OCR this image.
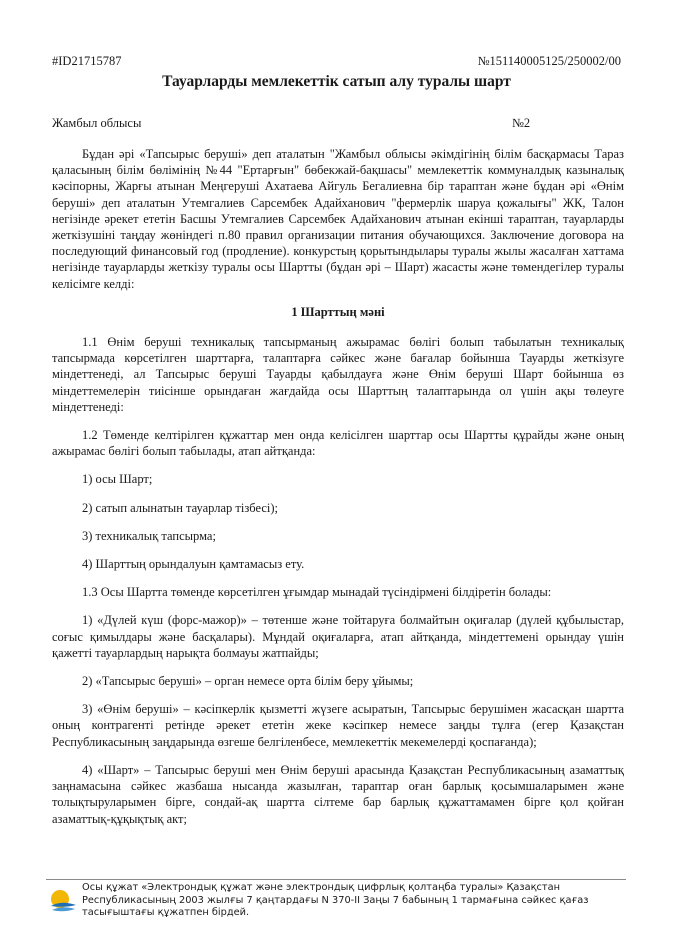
#ID21715787	№151140005125/250002/00
Тауарларды мемлекеттік сатып алу туралы шарт
Жамбыл облысы	№2

Бұдан әрі «Тапсырыс беруші» деп аталатын "Жамбыл облысы әкімдігінің білім басқармасы Тараз қаласының білім бөлімінің №44 "Ертарғын" бөбекжай-бақшасы" мемлекеттік коммуналдық казыналық кәсіпорны, Жарғы атынан Меңгеруші Ахатаева Айгуль Бегалиевна бір тараптан және бұдан әрі «Өнім беруші» деп аталатын Утемгалиев Сарсембек Адайханович "фермерлік шаруа қожалығы" ЖК, Талон негізінде әрекет ететін Басшы Утемгалиев Сарсембек Адайханович атынан екінші тараптан, тауарларды жеткізушіні таңдау жөніндегі п.80 правил организации питания обучающихся. Заключение договора на последующий финансовый год (продление). конкурстың қорытындылары туралы жылы жасалған хаттама негізінде тауарларды жеткізу туралы осы Шартты (бұдан әрі – Шарт) жасасты және төмендегілер туралы келісімге келді:

1 Шарттың мәні

1.1 Өнім беруші техникалық тапсырманың ажырамас бөлігі болып табылатын техникалық тапсырмада көрсетілген шарттарға, талаптарға сәйкес және бағалар бойынша Тауарды жеткізуге міндеттенеді, ал Тапсырыс беруші Тауарды қабылдауға және Өнім беруші Шарт бойынша өз міндеттемелерін тиісінше орындаған жағдайда осы Шарттың талаптарында ол үшін ақы төлеуге міндеттенеді:

1.2 Төменде келтірілген құжаттар мен онда келісілген шарттар осы Шартты құрайды және оның ажырамас бөлігі болып табылады, атап айтқанда:

1) осы Шарт;

2) сатып алынатын тауарлар тізбесі);

3) техникалық тапсырма;

4) Шарттың орындалуын қамтамасыз ету.

1.3 Осы Шартта төменде көрсетілген ұғымдар мынадай түсіндірмені білдіретін болады:

1) «Дүлей күш (форс-мажор)» – төтенше және тойтаруға болмайтын оқиғалар (дүлей құбылыстар, соғыс қимылдары және басқалары). Мұндай оқиғаларға, атап айтқанда, міндеттемені орындау үшін қажетті тауарлардың нарықта болмауы жатпайды;

2) «Тапсырыс беруші» – орган немесе орта білім беру ұйымы;

3) «Өнім беруші» – кәсіпкерлік қызметті жүзеге асыратын, Тапсырыс берушімен жасасқан шартта оның контрагенті ретінде әрекет ететін жеке кәсіпкер немесе заңды тұлға (егер Қазақстан Республикасының заңдарында өзгеше белгіленбесе, мемлекеттік мекемелерді қоспағанда);

4) «Шарт» – Тапсырыс беруші мен Өнім беруші арасында Қазақстан Республикасының азаматтық заңнамасына сәйкес жазбаша нысанда жазылған, тараптар оған барлық қосымшаларымен және толықтыруларымен бірге, сондай-ақ шартта сілтеме бар барлық құжаттамамен бірге қол қойған азаматтық-құқықтық акт;

Осы құжат «Электрондық құжат және электрондық цифрлық қолтаңба туралы» Қазақстан Республикасының 2003 жылғы 7 қаңтардағы N 370-II Заңы 7 бабының 1 тармағына сәйкес қағаз тасығыштағы құжатпен бірдей.
